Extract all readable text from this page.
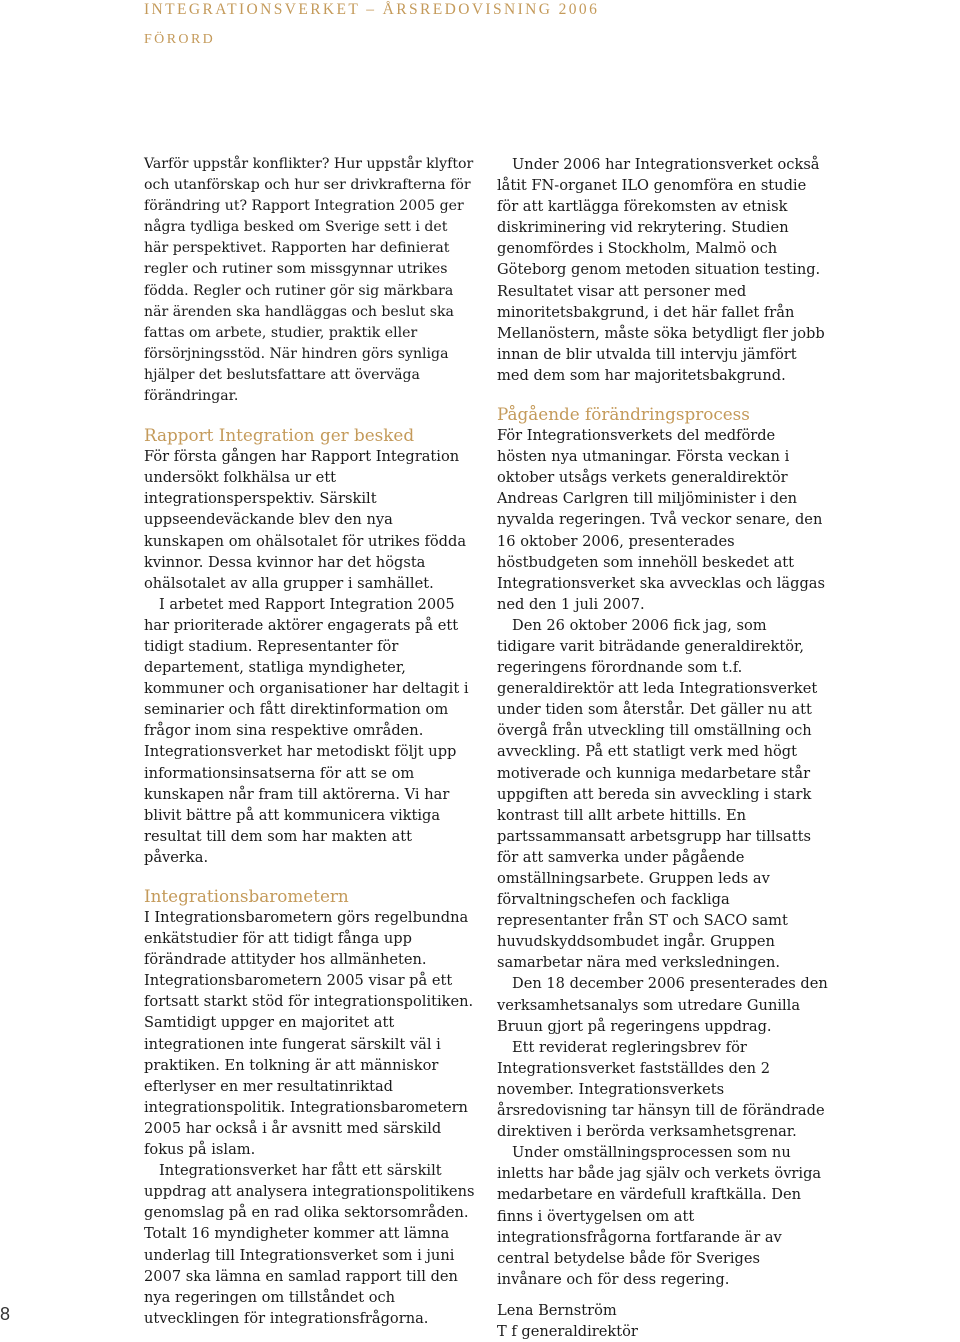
INTEGRATIONSVERKET – ÅRSREDOVISNING 2006
FÖRORD

Varför uppstår konflikter? Hur uppstår klyftor och utanförskap och hur ser drivkrafterna för förändring ut? Rapport Integration 2005 ger några tydliga besked om Sverige sett i det här perspektivet. Rapporten har definierat regler och rutiner som missgynnar utrikes födda. Regler och rutiner gör sig märkbara när ärenden ska handläggas och beslut ska fattas om arbete, studier, praktik eller försörjningsstöd. När hindren görs synliga hjälper det beslutsfattare att överväga förändringar.

Rapport Integration ger besked

För första gången har Rapport Integration undersökt folkhälsa ur ett integrationsperspektiv. Särskilt uppseendeväckande blev den nya kunskapen om ohälsotalet för utrikes födda kvinnor. Dessa kvinnor har det högsta ohälsotalet av alla grupper i samhället.

I arbetet med Rapport Integration 2005 har prioriterade aktörer engagerats på ett tidigt stadium. Representanter för departement, statliga myndigheter, kommuner och organisationer har deltagit i seminarier och fått direktinformation om frågor inom sina respektive områden. Integrationsverket har metodiskt följt upp informationsinsatserna för att se om kunskapen når fram till aktörerna. Vi har blivit bättre på att kommunicera viktiga resultat till dem som har makten att påverka.

Integrationsbarometern

I Integrationsbarometern görs regelbundna enkätstudier för att tidigt fånga upp förändrade attityder hos allmänheten. Integrationsbarometern 2005 visar på ett fortsatt starkt stöd för integrationspolitiken. Samtidigt uppger en majoritet att integrationen inte fungerat särskilt väl i praktiken. En tolkning är att människor efterlyser en mer resultatinriktad integrationspolitik. Integrationsbarometern 2005 har också i år avsnitt med särskild fokus på islam.

Integrationsverket har fått ett särskilt uppdrag att analysera integrationspolitikens genomslag på en rad olika sektorsområden. Totalt 16 myndigheter kommer att lämna underlag till Integrationsverket som i juni 2007 ska lämna en samlad rapport till den nya regeringen om tillståndet och utvecklingen för integrationsfrågorna.

Under 2006 har Integrationsverket också låtit FN-organet ILO genomföra en studie för att kartlägga förekomsten av etnisk diskriminering vid rekrytering. Studien genomfördes i Stockholm, Malmö och Göteborg genom metoden situation testing. Resultatet visar att personer med minoritetsbakgrund, i det här fallet från Mellanöstern, måste söka betydligt fler jobb innan de blir utvalda till intervju jämfört med dem som har majoritetsbakgrund.

Pågående förändringsprocess

För Integrationsverkets del medförde hösten nya utmaningar. Första veckan i oktober utsågs verkets generaldirektör Andreas Carlgren till miljöminister i den nyvalda regeringen. Två veckor senare, den 16 oktober 2006, presenterades höstbudgeten som innehöll beskedet att Integrationsverket ska avvecklas och läggas ned den 1 juli 2007.

Den 26 oktober 2006 fick jag, som tidigare varit biträdande generaldirektör, regeringens förordnande som t.f. generaldirektör att leda Integrationsverket under tiden som återstår. Det gäller nu att övergå från utveckling till omställning och avveckling. På ett statligt verk med högt motiverade och kunniga medarbetare står uppgiften att bereda sin avveckling i stark kontrast till allt arbete hittills. En partssammansatt arbetsgrupp har tillsatts för att samverka under pågående omställningsarbete. Gruppen leds av förvaltningschefen och fackliga representanter från ST och SACO samt huvudskyddsombudet ingår. Gruppen samarbetar nära med verksledningen.

Den 18 december 2006 presenterades den verksamhetsanalys som utredare Gunilla Bruun gjort på regeringens uppdrag.

Ett reviderat regleringsbrev för Integrationsverket fastställdes den 2 november. Integrationsverkets årsredovisning tar hänsyn till de förändrade direktiven i berörda verksamhetsgrenar.

Under omställningsprocessen som nu inletts har både jag själv och verkets övriga medarbetare en värdefull kraftkälla. Den finns i övertygelsen om att integrationsfrågorna fortfarande är av central betydelse både för Sveriges invånare och för dess regering.

Lena Bernström

T f generaldirektör

8
